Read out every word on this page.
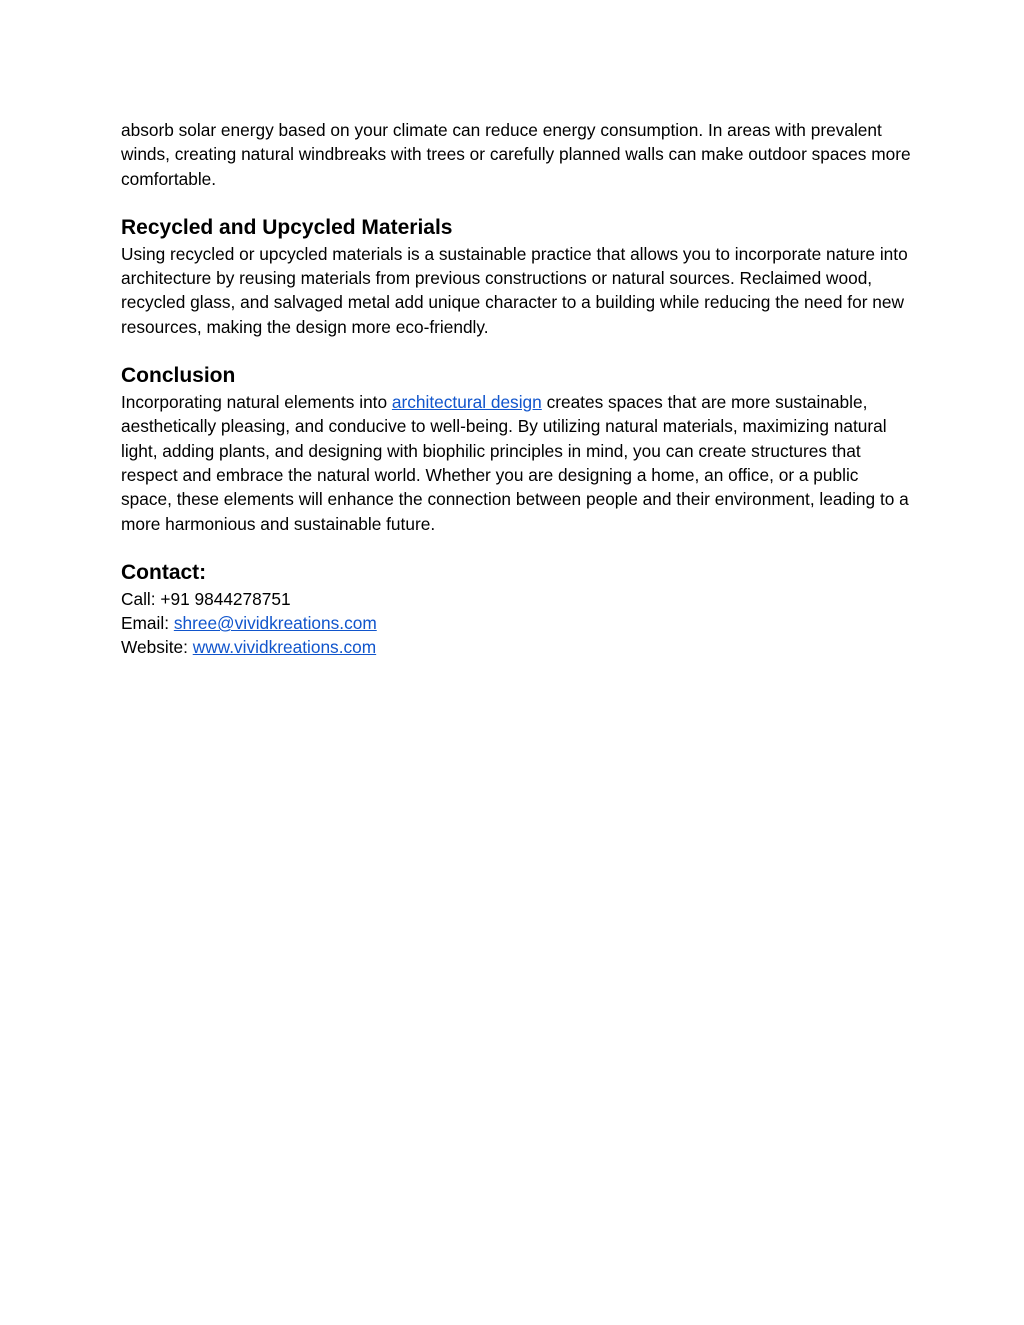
absorb solar energy based on your climate can reduce energy consumption. In areas with prevalent winds, creating natural windbreaks with trees or carefully planned walls can make outdoor spaces more comfortable.

Recycled and Upcycled Materials

Using recycled or upcycled materials is a sustainable practice that allows you to incorporate nature into architecture by reusing materials from previous constructions or natural sources. Reclaimed wood, recycled glass, and salvaged metal add unique character to a building while reducing the need for new resources, making the design more eco-friendly.

Conclusion

Incorporating natural elements into architectural design creates spaces that are more sustainable, aesthetically pleasing, and conducive to well-being. By utilizing natural materials, maximizing natural light, adding plants, and designing with biophilic principles in mind, you can create structures that respect and embrace the natural world. Whether you are designing a home, an office, or a public space, these elements will enhance the connection between people and their environment, leading to a more harmonious and sustainable future.

Contact:

Call: +91 9844278751

Email: shree@vividkreations.com

Website: www.vividkreations.com
